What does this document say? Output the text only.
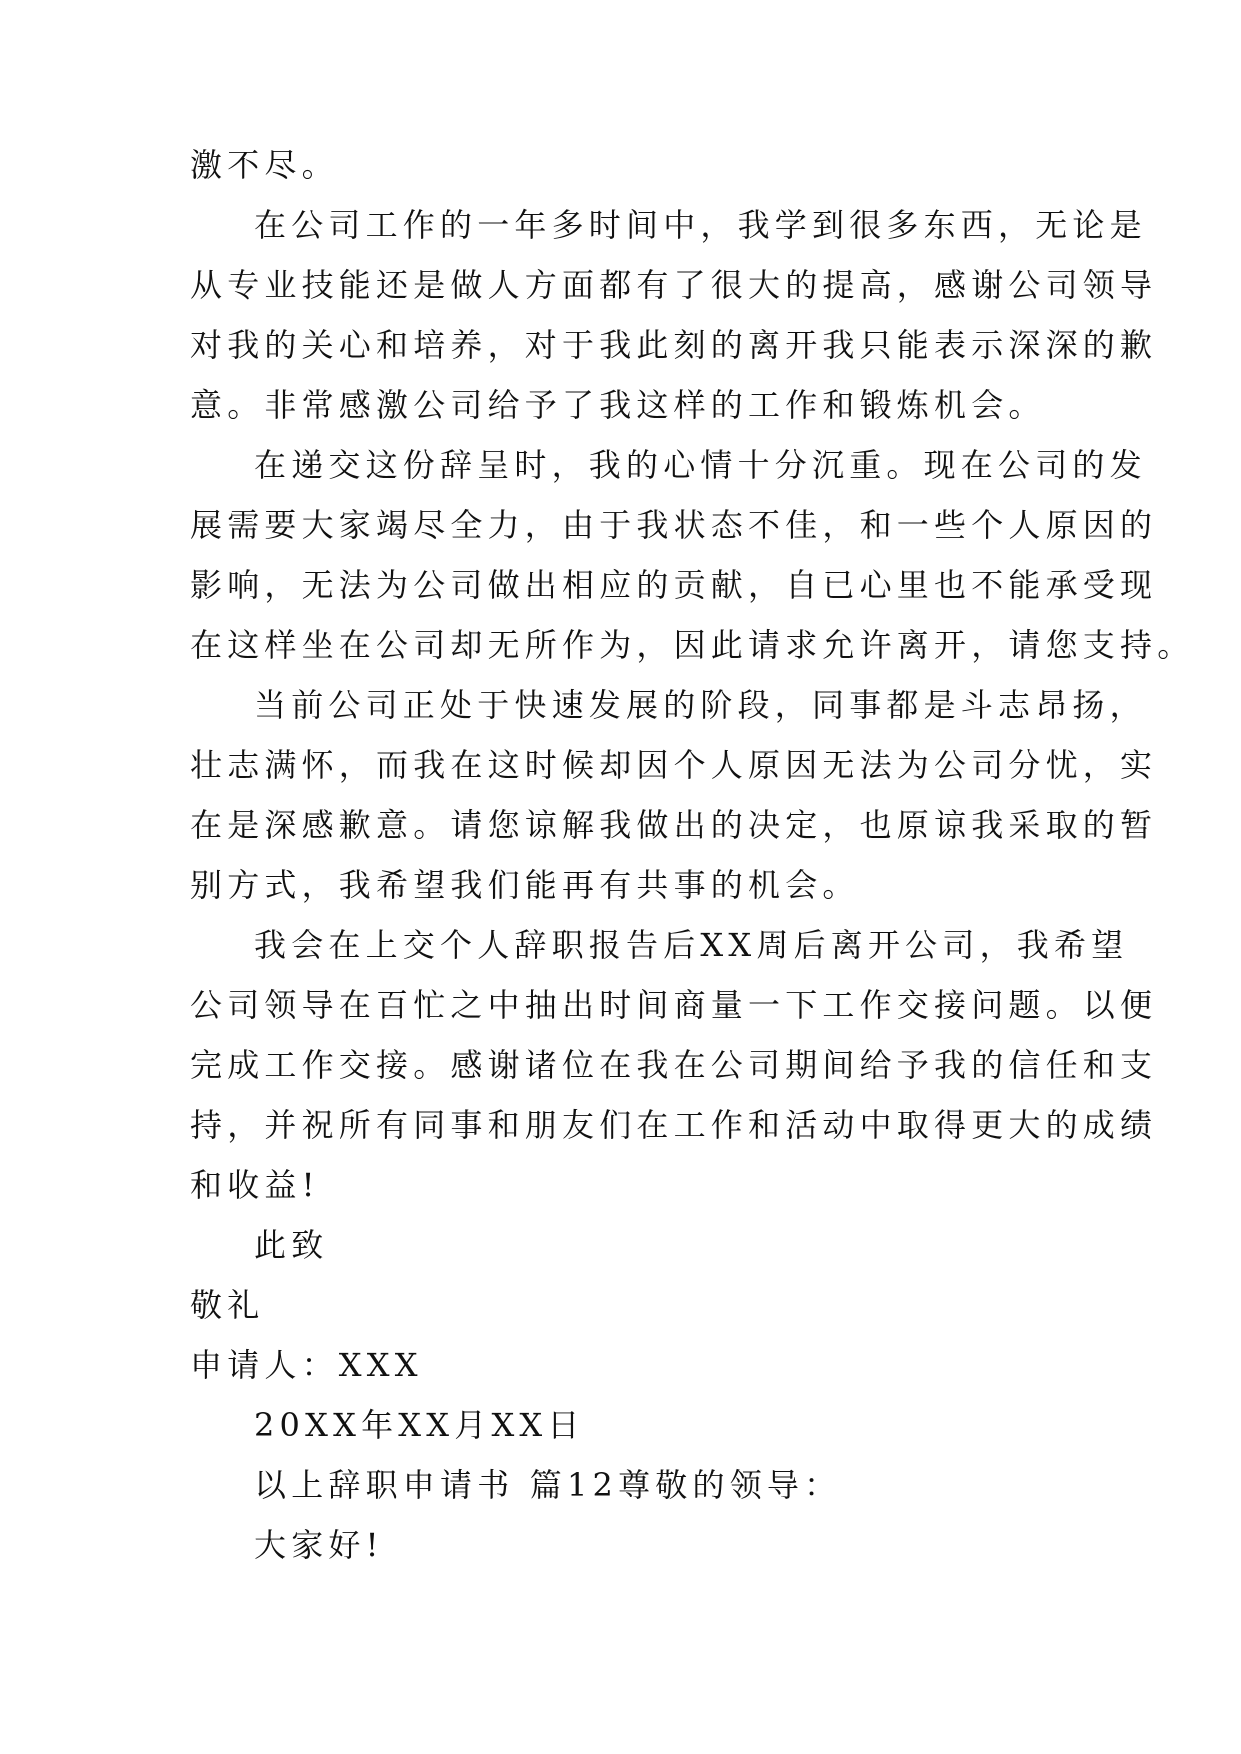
激不尽。
在公司工作的一年多时间中，我学到很多东西，无论是
从专业技能还是做人方面都有了很大的提高，感谢公司领导
对我的关心和培养，对于我此刻的离开我只能表示深深的歉
意。非常感激公司给予了我这样的工作和锻炼机会。
在递交这份辞呈时，我的心情十分沉重。现在公司的发
展需要大家竭尽全力，由于我状态不佳，和一些个人原因的
影响，无法为公司做出相应的贡献，自已心里也不能承受现
在这样坐在公司却无所作为，因此请求允许离开，请您支持。
当前公司正处于快速发展的阶段，同事都是斗志昂扬，
壮志满怀，而我在这时候却因个人原因无法为公司分忧，实
在是深感歉意。请您谅解我做出的决定，也原谅我采取的暂
别方式，我希望我们能再有共事的机会。
我会在上交个人辞职报告后XX周后离开公司，我希望
公司领导在百忙之中抽出时间商量一下工作交接问题。以便
完成工作交接。感谢诸位在我在公司期间给予我的信任和支
持，并祝所有同事和朋友们在工作和活动中取得更大的成绩
和收益!
此致
敬礼
申请人：XXX
20XX年XX月XX日
以上辞职申请书 篇12尊敬的领导：
大家好!
